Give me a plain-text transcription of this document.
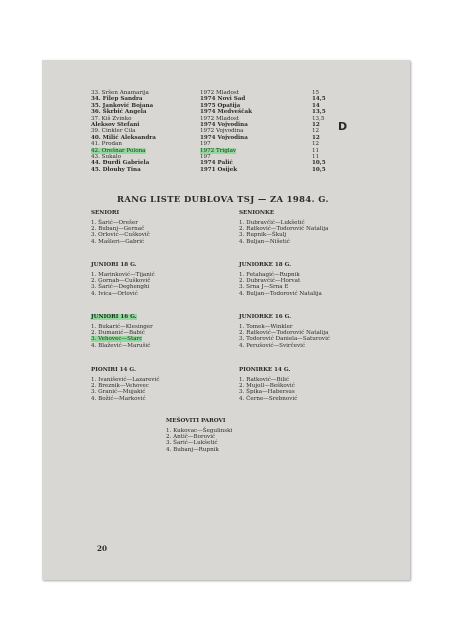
33. Sršen Anamarija
34. Filep Sandra
35. Janković Bojana
36. Škrbić Angela
37. Kiš Zvinko
Aleksov Stefani
39. Cinkler Cila
40. Milić Aleksandra
41. Prodan
42. Orešnar Polona
43. Sukalo
44. Đurđi Gabriela
45. Dlouhy Tina
1972 Mladost
1974 Novi Sad
1975 Opatija
1974 Medveščak
1972 Mladost
1974 Vojvodina
1972 Vojvodina
1974 Vojvodina
197
1972 Triglav
197
1974 Palić
1971 Osijek
15
14,5
14
13,5
13,5
12
12
12
12
11
11
10,5
10,5
D
RANG LISTE DUBLOVA TSJ — ZA 1984. G.
SENIORI
1. Šarić—Orešer
2. Bubanj—Gernač
3. Orlović—Cuškovič
4. Mašleri—Gabrić
SENIONKE
1. Dubravčić—Lukšetić
2. Ratković—Todorović Natalija
3. Rupnik—Škulj
4. Buljan—Nišetić
JUNIORI 18 G.
1. Marinković—Tijanić
2. Gornab—Cuškovič
3. Šarić—Deghenghi
4. Ivica—Orlović
JUNIORKE 18 G.
1. Fetahagić—Rupnik
2. Dubravčić—Horvat
3. Srna J—Srna E
4. Buljan—Todorović Natalija
JUNIORI 16 G.
1. Bukarić—Klesinger
2. Dumanić—Babić
3. Vehovec—Starc
4. Blažević—Marušić
JUNIORKE 16 G.
1. Tomek—Winkler
2. Ratković—Todorović Natalija
3. Todorović Daniela—Saturović
4. Perušović—Svirčević
PIONIRI 14 G.
1. Ivanišević—Lazarević
2. Breznik—Vehovec
3. Granić—Mujakić
4. Božić—Marković
PIONIRKE 14 G.
1. Ratković—Bilić
2. Mujoll—Bešković
3. Špika—Habersus
4. Černe—Srebnović
MEŠOVITI PAROVI
1. Kukovac—Šegulinski
2. Antič—Borović
3. Šarić—Lukšetić
4. Bubanj—Rupnik
20
